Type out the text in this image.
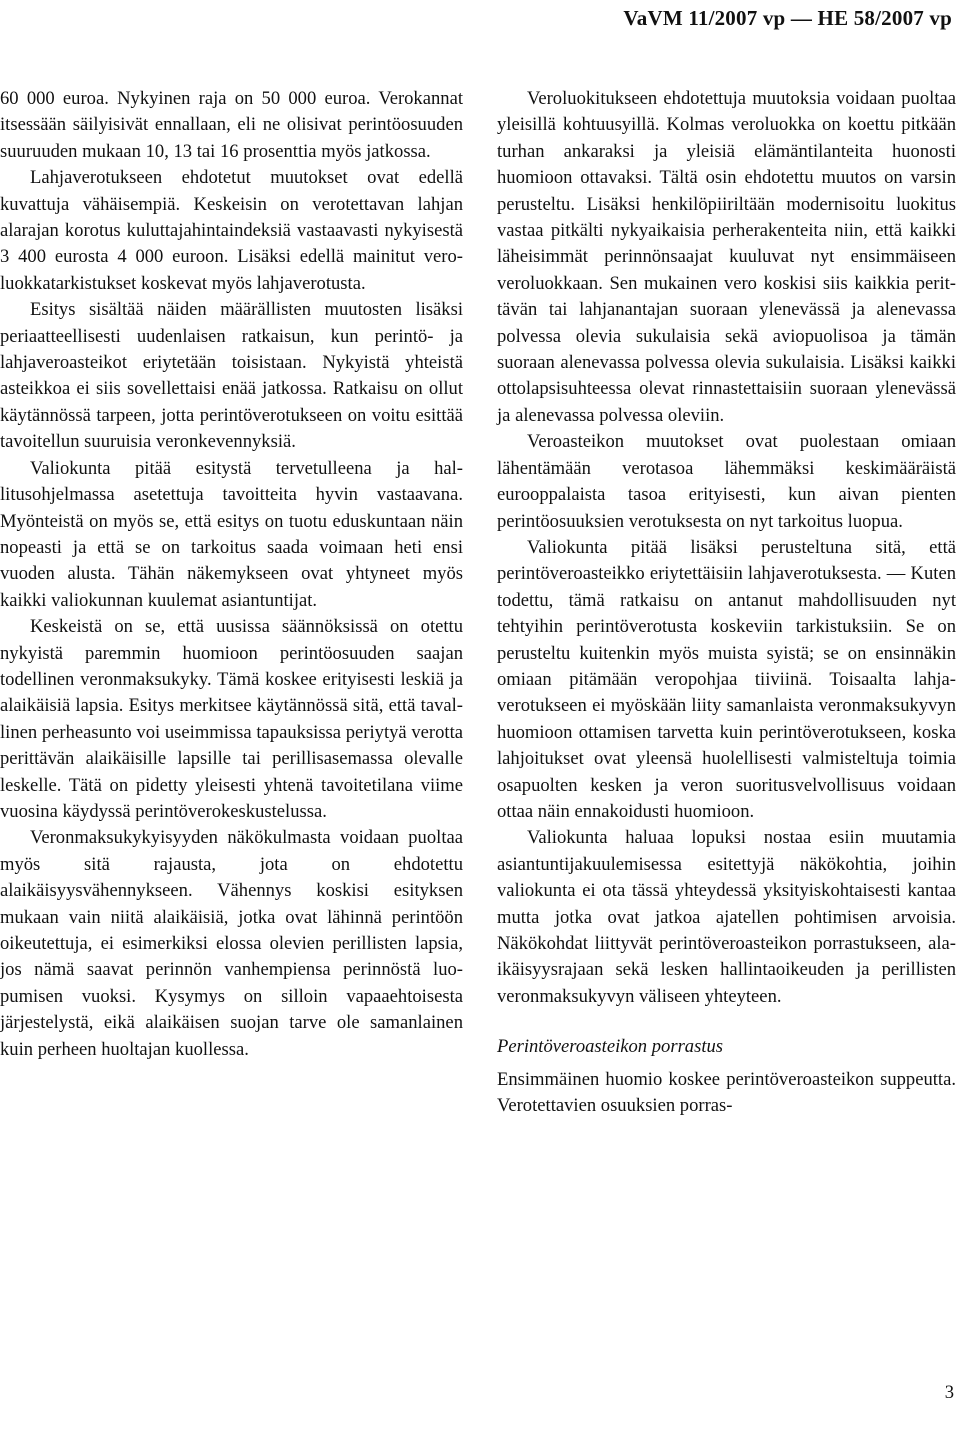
VaVM 11/2007 vp — HE 58/2007 vp

60 000 euroa. Nykyinen raja on 50 000 euroa. Verokannat itsessään säilyisivät ennallaan, eli ne olisivat perintöosuuden suuruuden mukaan 10, 13 tai 16 prosenttia myös jatkossa.

Lahjaverotukseen ehdotetut muutokset ovat edellä kuvattuja vähäisempiä. Keskeisin on verotettavan lahjan alarajan korotus kuluttajahintaindeksiä vastaavasti nykyisestä 3 400 eurosta 4 000 euroon. Lisäksi edellä mainitut veroluokkatarkistukset koskevat myös lahjaverotusta.

Esitys sisältää näiden määrällisten muutosten lisäksi periaatteellisesti uudenlaisen ratkaisun, kun perintö- ja lahjaveroasteikot eriytetään toisistaan. Nykyistä yhteistä asteikkoa ei siis sovellettaisi enää jatkossa. Ratkaisu on ollut käytännössä tarpeen, jotta perintöverotukseen on voitu esittää tavoitellun suuruisia veronkevennyksiä.

Valiokunta pitää esitystä tervetulleena ja hallitusohjelmassa asetettuja tavoitteita hyvin vastaavana. Myönteistä on myös se, että esitys on tuotu eduskuntaan näin nopeasti ja että se on tarkoitus saada voimaan heti ensi vuoden alusta. Tähän näkemykseen ovat yhtyneet myös kaikki valiokunnan kuulemat asiantuntijat.

Keskeistä on se, että uusissa säännöksissä on otettu nykyistä paremmin huomioon perintöosuuden saajan todellinen veronmaksukyky. Tämä koskee erityisesti leskiä ja alaikäisiä lapsia. Esitys merkitsee käytännössä sitä, että tavallinen perheasunto voi useimmissa tapauksissa periytyä verotta perittävän alaikäisille lapsille tai perillisasemassa olevalle leskelle. Tätä on pidetty yleisesti yhtenä tavoitetilana viime vuosina käydyssä perintöverokeskustelussa.

Veronmaksukykyisyyden näkökulmasta voidaan puoltaa myös sitä rajausta, jota on ehdotettu alaikäisyysvähennykseen. Vähennys koskisi esityksen mukaan vain niitä alaikäisiä, jotka ovat lähinnä perintöön oikeutettuja, ei esimerkiksi elossa olevien perillisten lapsia, jos nämä saavat perinnön vanhempiensa perinnöstä luopumisen vuoksi. Kysymys on silloin vapaaehtoisesta järjestelystä, eikä alaikäisen suojan tarve ole samanlainen kuin perheen huoltajan kuollessa.

Veroluokitukseen ehdotettuja muutoksia voidaan puoltaa yleisillä kohtuusyillä. Kolmas veroluokka on koettu pitkään turhan ankaraksi ja yleisiä elämäntilanteita huonosti huomioon ottavaksi. Tältä osin ehdotettu muutos on varsin perusteltu. Lisäksi henkilöpiiriltään modernisoitu luokitus vastaa pitkälti nykyaikaisia perherakenteita niin, että kaikki läheisimmät perinnönsaajat kuuluvat nyt ensimmäiseen veroluokkaan. Sen mukainen vero koskisi siis kaikkia perittävän tai lahjanantajan suoraan ylenevässä ja alenevassa polvessa olevia sukulaisia sekä aviopuolisoa ja tämän suoraan alenevassa polvessa olevia sukulaisia. Lisäksi kaikki ottolapsisuhteessa olevat rinnastettaisiin suoraan ylenevässä ja alenevassa polvessa oleviin.

Veroasteikon muutokset ovat puolestaan omiaan lähentämään verotasoa lähemmäksi keskimääräistä eurooppalaista tasoa erityisesti, kun aivan pienten perintöosuuksien verotuksesta on nyt tarkoitus luopua.

Valiokunta pitää lisäksi perusteltuna sitä, että perintöveroasteikko eriytettäisiin lahjaverotuksesta. — Kuten todettu, tämä ratkaisu on antanut mahdollisuuden nyt tehtyihin perintöverotusta koskeviin tarkistuksiin. Se on perusteltu kuitenkin myös muista syistä; se on ensinnäkin omiaan pitämään veropohjaa tiiviinä. Toisaalta lahjaverotukseen ei myöskään liity samanlaista veronmaksukyvyn huomioon ottamisen tarvetta kuin perintöverotukseen, koska lahjoitukset ovat yleensä huolellisesti valmisteltuja toimia osapuolten kesken ja veron suoritusvelvollisuus voidaan ottaa näin ennakoidusti huomioon.

Valiokunta haluaa lopuksi nostaa esiin muutamia asiantuntijakuulemisessa esitettyjä näkökohtia, joihin valiokunta ei ota tässä yhteydessä yksityiskohtaisesti kantaa mutta jotka ovat jatkoa ajatellen pohtimisen arvoisia. Näkökohdat liittyvät perintöveroasteikon porrastukseen, alaikäisyysrajaan sekä lesken hallintaoikeuden ja perillisten veronmaksukyvyn väliseen yhteyteen.

Perintöveroasteikon porrastus

Ensimmäinen huomio koskee perintöveroasteikon suppeutta. Verotettavien osuuksien porras-

3
